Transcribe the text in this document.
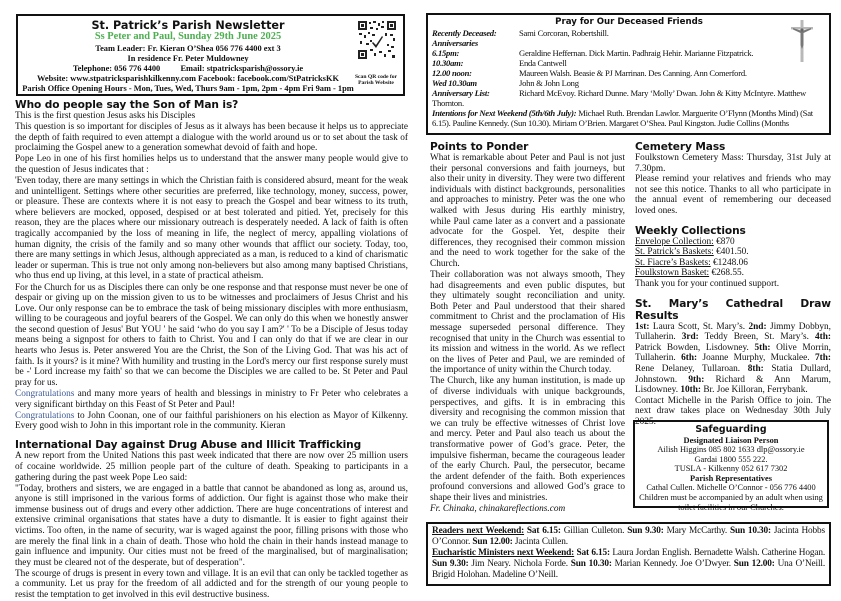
St. Patrick’s Parish Newsletter
Ss Peter and Paul, Sunday 29th June 2025
Team Leader: Fr. Kieran O’Shea 056 776 4400 ext 3
In residence Fr. Peter Muldowney
Telephone: 056 776 4400 Email: stpatricksparish@ossory.ie
Website: www.stpatricksparishkilkenny.com Facebook: facebook.com/StPatricksKK
Parish Office Opening Hours - Mon, Tues, Wed, Thurs 9am - 1pm, 2pm - 4pm Fri 9am - 1pm
Scan QR code for
Parish Website
Pray for Our Deceased Friends
Recently Deceased:	Sami Corcoran, Robertshill.
Anniversaries
6.15pm:	Geraldine Heffernan. Dick Martin. Padhraig Hehir. Marianne Fitzpatrick.
10.30am:	Enda Cantwell
12.00 noon:	Maureen Walsh. Beasie & PJ Marrinan. Des Canning. Ann Comerford.
Wed 10.30am	John & John Long
Anniversary List:	Richard McEvoy. Richard Dunne. Mary ‘Molly’ Dwan. John & Kitty McIntyre. Matthew
Thornton.
Intentions for Next Weekend (5th/6th July): Michael Ruth. Brendan Lawlor. Marguerite O’Flynn (Months Mind) (Sat 6.15). Pauline Kennedy. (Sun 10.30). Miriam O’Brien. Margaret O’Shea. Paul Kingston. Judie Collins (Months
Who do people say the Son of Man is?

This is the first question Jesus asks his Disciples

This question is so important for disciples of Jesus as it always has been because it helps us to appreciate the depth of faith required to even attempt a dialogue with the world around us or to set about the task of proclaiming the Gospel anew to a generation somewhat devoid of faith and hope.

Pope Leo in one of his first homilies helps us to understand that the answer many people would give to the question of Jesus indicates that :

'Even today, there are many settings in which the Christian faith is considered absurd, meant for the weak and unintelligent. Settings where other securities are preferred, like technology, money, success, power, or pleasure. These are contexts where it is not easy to preach the Gospel and bear witness to its truth, where believers are mocked, opposed, despised or at best tolerated and pitied. Yet, precisely for this reason, they are the places where our missionary outreach is desperately needed. A lack of faith is often tragically accompanied by the loss of meaning in life, the neglect of mercy, appalling violations of human dignity, the crisis of the family and so many other wounds that afflict our society. Today, too, there are many settings in which Jesus, although appreciated as a man, is reduced to a kind of charismatic leader or superman. This is true not only among non-believers but also among many baptised Christians, who thus end up living, at this level, in a state of practical atheism.

For the Church for us as Disciples there can only be one response and that response must never be one of despair or giving up on the mission given to us to be witnesses and proclaimers of Jesus Christ and his Love. Our only response can be to embrace the task of being missionary disciples with more enthusiasm, willing to be courageous and joyful bearers of the Gospel. We can only do this when we honestly answer the second question of Jesus' But YOU ' he said ‘who do you say I am?' ' To be a Disciple of Jesus today means being a signpost for others to faith to Christ. You and I can only do that if we are clear in our hearts who Jesus is. Peter answered You are the Christ, the Son of the Living God. That was his act of faith. Is it yours? is it mine? With humility and trusting in the Lord's mercy our first response surely must be -' Lord increase my faith' so that we can become the Disciples we are called to be. St Peter and Paul pray for us.

Congratulations and many more years of health and blessings in ministry to Fr Peter who celebrates a very significant birthday on this Feast of St Peter and Paul!

Congratulations to John Coonan, one of our faithful parishioners on his election as Mayor of Kilkenny. Every good wish to John in this important role in the community. Kieran

International Day against Drug Abuse and Illicit Trafficking

A new report from the United Nations this past week indicated that there are now over 25 million users of cocaine worldwide. 25 million people part of the culture of death. Speaking to participants in a gathering during the past week Pope Leo said:

"Today, brothers and sisters, we are engaged in a battle that cannot be abandoned as long as, around us, anyone is still imprisoned in the various forms of addiction. Our fight is against those who make their immense business out of drugs and every other addiction. There are huge concentrations of interest and extensive criminal organisations that states have a duty to dismantle. It is easier to fight against their victims. Too often, in the name of security, war is waged against the poor, filling prisons with those who are merely the final link in a chain of death. Those who hold the chain in their hands instead manage to gain influence and impunity. Our cities must not be freed of the marginalised, but of marginalisation; they must be cleared not of the desperate, but of desperation".

The scourge of drugs is present in every town and village. It is an evil that can only be tackled together as a community. Let us pray for the freedom of all addicted and for the strength of our young people to resist the temptation to get involved in this evil destructive business.

Points to Ponder

What is remarkable about Peter and Paul is not just their personal conversions and faith journeys, but also their unity in diversity. They were two different individuals with distinct backgrounds, personalities and approaches to ministry. Peter was the one who walked with Jesus during His earthly ministry, while Paul came later as a convert and a passionate advocate for the Gospel. Yet, despite their differences, they recognised their common mission and the need to work together for the sake of the Church.

Their collaboration was not always smooth, They had disagreements and even public disputes, but they ultimately sought reconciliation and unity. Both Peter and Paul understood that their shared commitment to Christ and the proclamation of His message superseded personal difference. They recognised that unity in the Church was essential to its mission and witness in the world. As we reflect on the lives of Peter and Paul, we are reminded of the importance of unity within the Church today.

The Church, like any human institution, is made up of diverse individuals with unique backgrounds, perspectives, and gifts. It is in embracing this diversity and recognising the common mission that we can truly be effective witnesses of Christ love and mercy. Peter and Paul also teach us about the transformative power of God’s grace. Peter, the impulsive fisherman, became the courageous leader of the early Church. Paul, the persecutor, became the ardent defender of the faith. Both experiences profound conversions and allowed God’s grace to shape their lives and ministries.

Fr. Chinaka, chinakareflections.com

Cemetery Mass

Foulkstown Cemetery Mass: Thursday, 31st July at 7.30pm.

Please remind your relatives and friends who may not see this notice. Thanks to all who participate in the annual event of remembering our deceased loved ones.

Weekly Collections
Envelope Collection: €870
St. Patrick’s Baskets: €401.50.
St. Fiacre’s Baskets: €1248.06
Foulkstown Basket: €268.55.
Thank you for your continued support.
St. Mary’s Cathedral Draw Results

1st: Laura Scott, St. Mary’s. 2nd: Jimmy Dobbyn, Tullaherin. 3rd: Teddy Breen, St. Mary’s. 4th: Patrick Bowden, Lisdowney. 5th: Olive Morrin, Tullaherin. 6th: Joanne Murphy, Muckalee. 7th: Rene Delaney, Tullaroan. 8th: Statia Dullard, Johnstown. 9th: Richard & Ann Marum, Lisdowney. 10th: Br. Joe Killoran, Ferrybank.

Contact Michelle in the Parish Office to join. The next draw takes place on Wednesday 30th July 2025.

Safeguarding
Designated Liaison Person
Ailish Higgins 085 802 1633 dlp@ossory.ie
Gardai 1800 555 222.
TUSLA - Kilkenny 052 617 7302
Parish Representatives
Cathal Cullen. Michelle O’Connor - 056 776 4400
Children must be accompanied by an adult when using toilet facilities in our Churches.
Readers next Weekend: Sat 6.15: Gillian Culleton. Sun 9.30: Mary McCarthy. Sun 10.30: Jacinta Hobbs O’Connor. Sun 12.00: Jacinta Cullen.
Eucharistic Ministers next Weekend: Sat 6.15: Laura Jordan English. Bernadette Walsh. Catherine Hogan. Sun 9.30: Jim Neary. Nichola Forde. Sun 10.30: Marian Kennedy. Joe O’Dwyer. Sun 12.00: Una O’Neill. Brigid Holohan. Madeline O’Neill.
